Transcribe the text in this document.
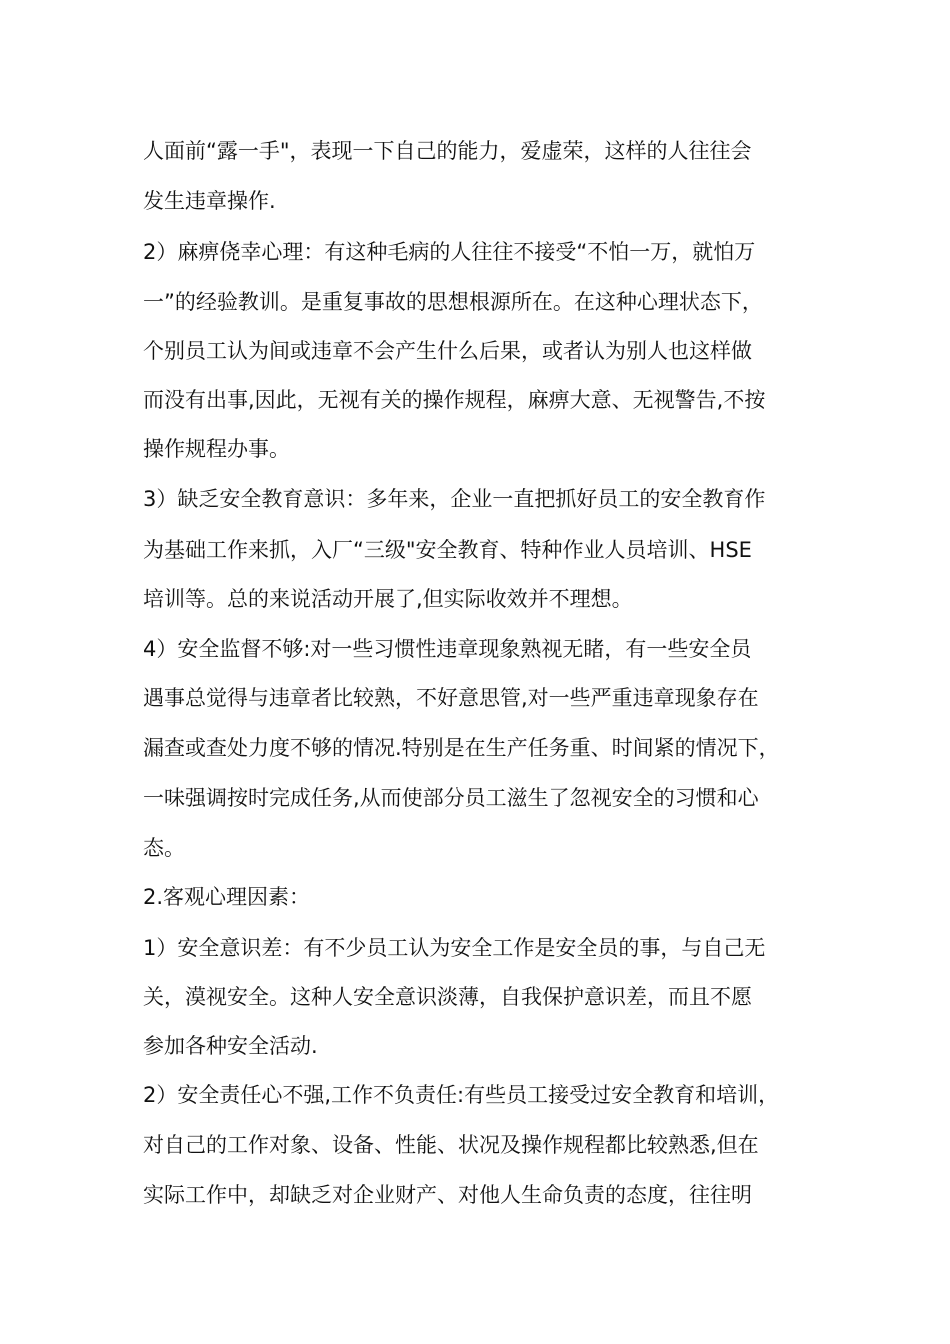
人面前“露一手"，表现一下自己的能力，爱虚荣，这样的人往往会
发生违章操作.
2）麻痹侥幸心理：有这种毛病的人往往不接受“不怕一万，就怕万
一”的经验教训。是重复事故的思想根源所在。在这种心理状态下，
个别员工认为间或违章不会产生什么后果，或者认为别人也这样做
而没有出事,因此，无视有关的操作规程，麻痹大意、无视警告,不按
操作规程办事。
3）缺乏安全教育意识：多年来，企业一直把抓好员工的安全教育作
为基础工作来抓，入厂“三级"安全教育、特种作业人员培训、HSE
培训等。总的来说活动开展了,但实际收效并不理想。
4）安全监督不够:对一些习惯性违章现象熟视无睹，有一些安全员
遇事总觉得与违章者比较熟，不好意思管,对一些严重违章现象存在
漏查或查处力度不够的情况.特别是在生产任务重、时间紧的情况下，
一味强调按时完成任务,从而使部分员工滋生了忽视安全的习惯和心
态。
2.客观心理因素：
1）安全意识差：有不少员工认为安全工作是安全员的事，与自己无
关，漠视安全。这种人安全意识淡薄，自我保护意识差，而且不愿
参加各种安全活动.
2）安全责任心不强,工作不负责任:有些员工接受过安全教育和培训，
对自己的工作对象、设备、性能、状况及操作规程都比较熟悉,但在
实际工作中，却缺乏对企业财产、对他人生命负责的态度，往往明
